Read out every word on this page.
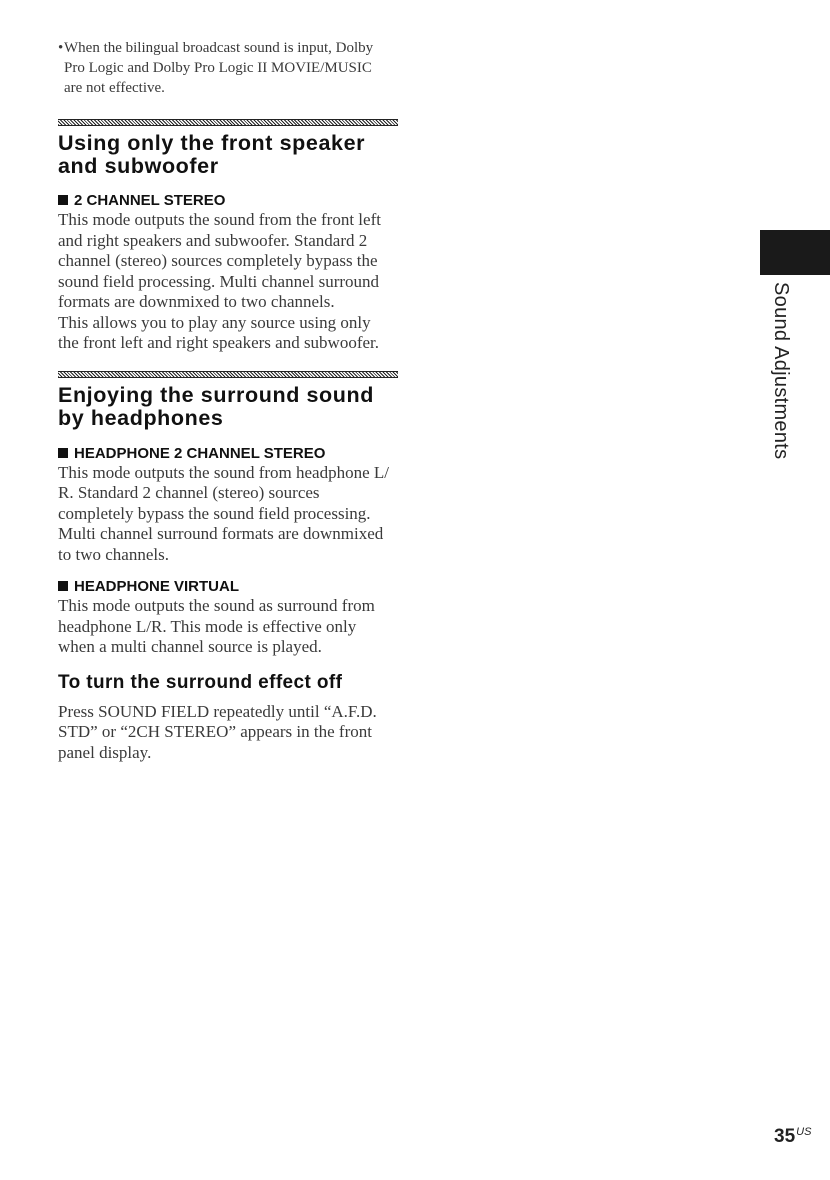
•When the bilingual broadcast sound is input, Dolby
Pro Logic and Dolby Pro Logic II MOVIE/MUSIC
are not effective.
Using only the front speaker
and subwoofer

2 CHANNEL STEREO

This mode outputs the sound from the front left
and right speakers and subwoofer. Standard 2
channel (stereo) sources completely bypass the
sound field processing. Multi channel surround
formats are downmixed to two channels.
This allows you to play any source using only
the front left and right speakers and subwoofer.

Enjoying the surround sound
by headphones

HEADPHONE 2 CHANNEL STEREO

This mode outputs the sound from headphone L/
R. Standard 2 channel (stereo) sources
completely bypass the sound field processing.
Multi channel surround formats are downmixed
to two channels.

HEADPHONE VIRTUAL

This mode outputs the sound as surround from
headphone L/R. This mode is effective only
when a multi channel source is played.

To turn the surround effect off

Press SOUND FIELD repeatedly until “A.F.D.
STD” or “2CH STEREO” appears in the front
panel display.

Sound Adjustments
$35^{US}$
